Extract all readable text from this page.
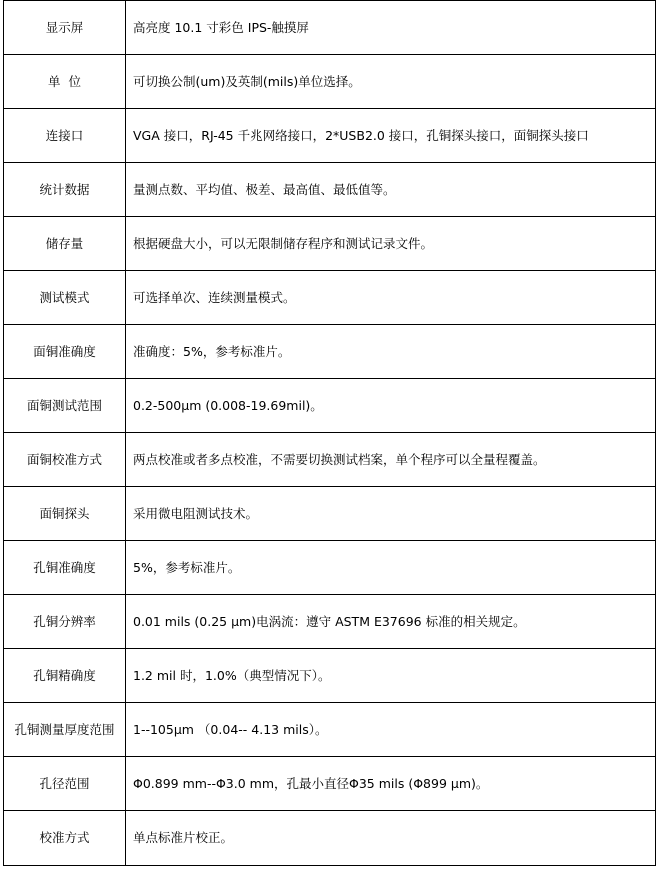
显示屏	高亮度 10.1 寸彩色 IPS-触摸屏
单  位	可切换公制(um)及英制(mils)单位选择。
连接口	VGA 接口，RJ-45 千兆网络接口，2*USB2.0 接口，孔铜探头接口，面铜探头接口
统计数据	量测点数、平均值、极差、最高值、最低值等。
储存量	根据硬盘大小，可以无限制储存程序和测试记录文件。
测试模式	可选择单次、连续测量模式。
面铜准确度	准确度：5%，参考标准片。
面铜测试范围	0.2-500μm (0.008-19.69mil)。
面铜校准方式	两点校准或者多点校准，不需要切换测试档案，单个程序可以全量程覆盖。
面铜探头	采用微电阻测试技术。
孔铜准确度	5%，参考标准片。
孔铜分辨率	0.01 mils (0.25 μm)电涡流：遵守 ASTM E37696 标准的相关规定。
孔铜精确度	1.2 mil 时，1.0%（典型情况下）。
孔铜测量厚度范围	1--105μm （0.04-- 4.13 mils）。
孔径范围	Φ0.899 mm--Φ3.0 mm，孔最小直径Φ35 mils (Φ899 μm)。
校准方式	单点标准片校正。
